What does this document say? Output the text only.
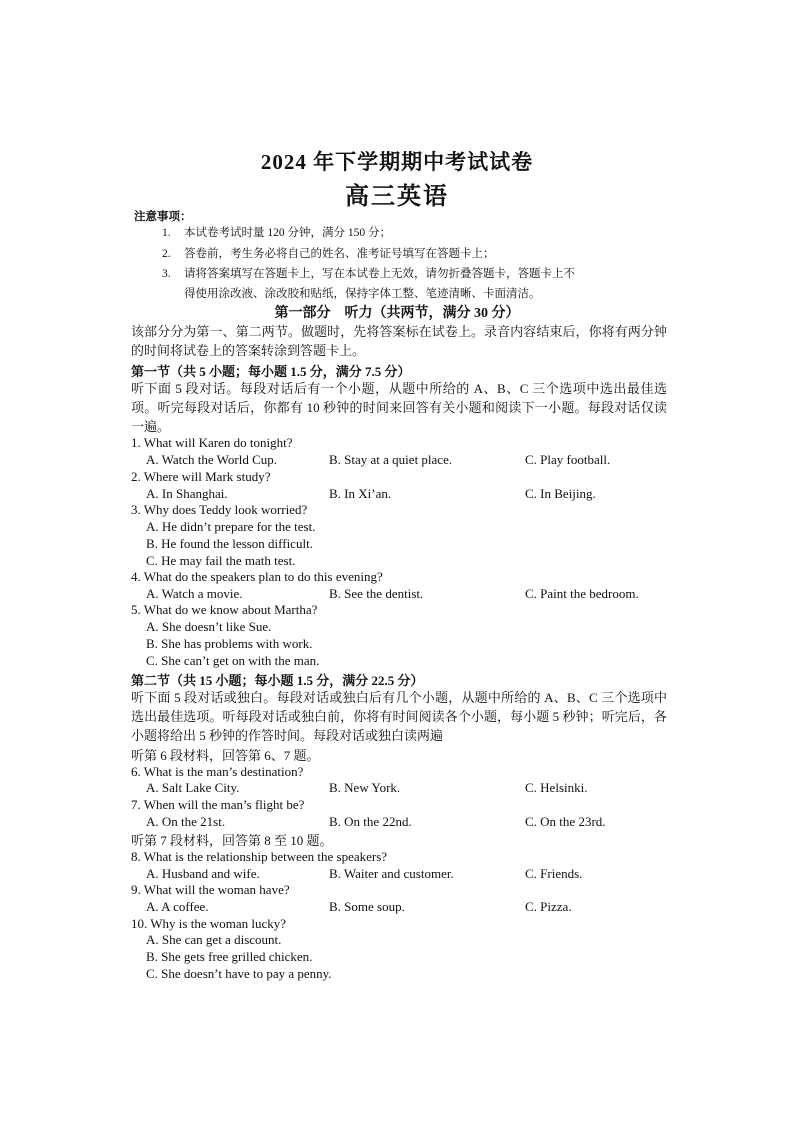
2024 年下学期期中考试试卷
高三英语
注意事项：
1. 本试卷考试时量 120 分钟，满分 150 分；
2. 答卷前，考生务必将自己的姓名、准考证号填写在答题卡上；
3. 请将答案填写在答题卡上，写在本试卷上无效，请勿折叠答题卡，答题卡上不
得使用涂改液、涂改胶和贴纸，保持字体工整、笔迹清晰、卡面清洁。
第一部分　听力（共两节，满分 30 分）
该部分分为第一、第二两节。做题时，先将答案标在试卷上。录音内容结束后，你将有两分钟的时间将试卷上的答案转涂到答题卡上。
第一节（共 5 小题；每小题 1.5 分，满分 7.5 分）
听下面 5 段对话。每段对话后有一个小题，从题中所给的 A、B、C 三个选项中选出最佳选项。听完每段对话后，你都有 10 秒钟的时间来回答有关小题和阅读下一小题。每段对话仅读一遍。
1. What will Karen do tonight?
A. Watch the World Cup.	B. Stay at a quiet place.	C. Play football.
2. Where will Mark study?
A. In Shanghai.	B. In Xi’an.	C. In Beijing.
3. Why does Teddy look worried?
A. He didn’t prepare for the test.
B. He found the lesson difficult.
C. He may fail the math test.
4. What do the speakers plan to do this evening?
A. Watch a movie.	B. See the dentist.	C. Paint the bedroom.
5. What do we know about Martha?
A. She doesn’t like Sue.
B. She has problems with work.
C. She can’t get on with the man.
第二节（共 15 小题；每小题 1.5 分，满分 22.5 分）
听下面 5 段对话或独白。每段对话或独白后有几个小题，从题中所给的 A、B、C 三个选项中选出最佳选项。听每段对话或独白前，你将有时间阅读各个小题，每小题 5 秒钟；听完后，各小题将给出 5 秒钟的作答时间。每段对话或独白读两遍
听第 6 段材料，回答第 6、7 题。
6. What is the man’s destination?
A. Salt Lake City.	B. New York.	C. Helsinki.
7. When will the man’s flight be?
A. On the 21st.	B. On the 22nd.	C. On the 23rd.
听第 7 段材料，回答第 8 至 10 题。
8. What is the relationship between the speakers?
A. Husband and wife.	B. Waiter and customer.	C. Friends.
9. What will the woman have?
A. A coffee.	B. Some soup.	C. Pizza.
10. Why is the woman lucky?
A. She can get a discount.
B. She gets free grilled chicken.
C. She doesn’t have to pay a penny.
